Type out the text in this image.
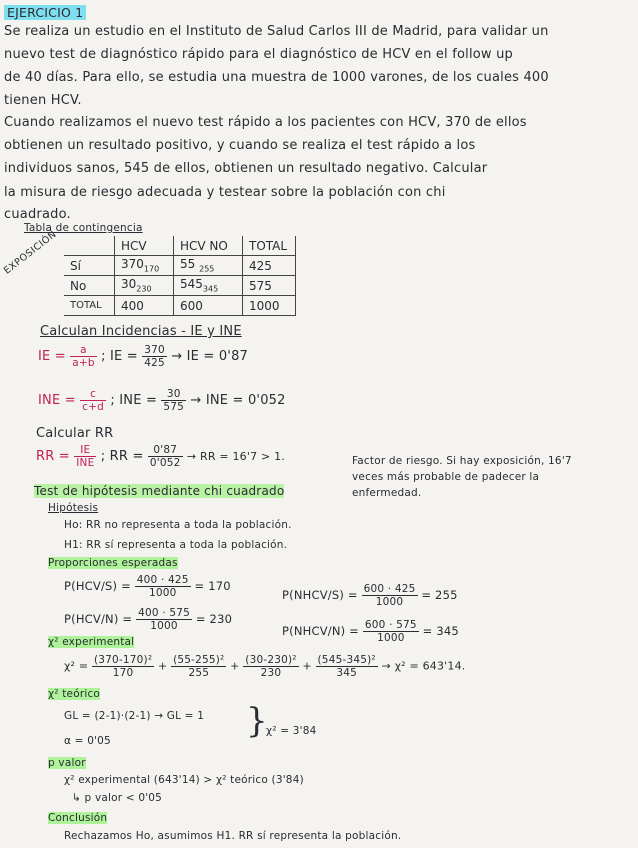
EJERCICIO 1
Se realiza un estudio en el Instituto de Salud Carlos III de Madrid, para validar un
nuevo test de diagnóstico rápido para el diagnóstico de HCV en el follow up
de 40 días. Para ello, se estudia una muestra de 1000 varones, de los cuales 400
tienen HCV.
Cuando realizamos el nuevo test rápido a los pacientes con HCV, 370 de ellos
obtienen un resultado positivo, y cuando se realiza el test rápido a los
individuos sanos, 545 de ellos, obtienen un resultado negativo. Calcular
la misura de riesgo adecuada y testear sobre la población con chi
cuadrado.
Tabla de contingencia
EXPOSICIÓN
		HCV	HCV NO	TOTAL
Sí	$370_{170}$	55 $_{255}$	425
No	$30_{230}$	$545_{345}$	575
TOTAL	400	600	1000
Calculan Incidencias - IE y INE
IE = $\frac{a}{a+b}$ ; IE = $\frac{370}{425}$ → IE = 0'87
INE = $\frac{c}{c+d}$ ; INE = $\frac{30}{575}$ → INE = 0'052
Calcular RR
RR = $\frac{IE}{\text{INE}}$ ; RR = $\frac{0'87}{0'052}$ → RR = 16'7 > 1.	Factor de riesgo. Si hay exposición, 16'7
veces más probable de padecer la
enfermedad.
Test de hipótesis mediante chi cuadrado
Hipótesis
Ho: RR no representa a toda la población.
H1: RR sí representa a toda la población.
Proporciones esperadas
$P(HCV/S) = \frac{400 \cdot 425}{1000} = 170$
P(NHCV/S) = $\frac{600 \cdot 425}{1000} = 255$
$P(HCV/N) = \frac{400 \cdot 575}{1000} = 230$
P(NHCV/N) = $\frac{600 \cdot 575}{1000} = 345$
χ² experimental
$\chi^2 = \frac{\text{(370-170)²}}{170} + \frac{\text{(55-255)²}}{255} + \frac{\text{(30-230)²}}{230} + \frac{\text{(545-345)²}}{345} \to \chi^2 = 643'14$.
χ² teórico
GL = (2-1)·(2-1) → GL = 1
α = 0'05	}
χ² = 3'84
p valor
χ² experimental (643'14) > χ² teórico (3'84)
↳ p valor < 0'05
Conclusión
Rechazamos Ho, asumimos H1. RR sí representa la población.
